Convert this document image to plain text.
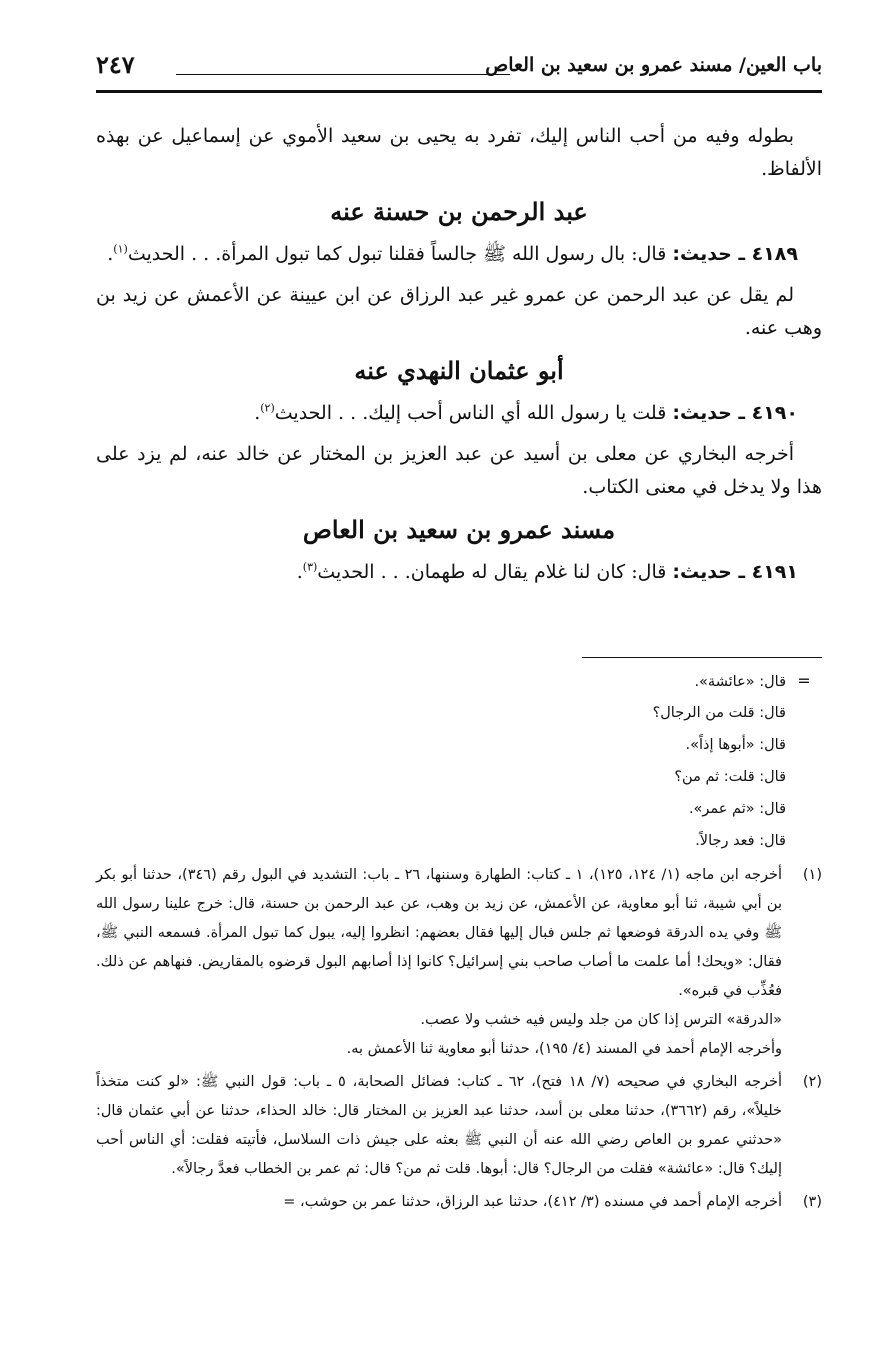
باب العين/ مسند عمرو بن سعيد بن العاص
٢٤٧

بطوله وفيه من أحب الناس إليك، تفرد به يحيى بن سعيد الأموي عن إسماعيل عن بهذه الألفاظ.

عبد الرحمن بن حسنة عنه

٤١٨٩ ـ حديث: قال: بال رسول الله ﷺ جالساً فقلنا تبول كما تبول المرأة. . . الحديث$^{(١)}$.

لم يقل عن عبد الرحمن عن عمرو غير عبد الرزاق عن ابن عيينة عن الأعمش عن زيد بن وهب عنه.

أبو عثمان النهدي عنه

٤١٩٠ ـ حديث: قلت يا رسول الله أي الناس أحب إليك. . . الحديث$^{(٢)}$.

أخرجه البخاري عن معلى بن أسيد عن عبد العزيز بن المختار عن خالد عنه، لم يزد على هذا ولا يدخل في معنى الكتاب.

مسند عمرو بن سعيد بن العاص

٤١٩١ ـ حديث: قال: كان لنا غلام يقال له طهمان. . . الحديث$^{(٣)}$.

=
قال: «عائشة».
قال: قلت من الرجال؟
قال: «أبوها إذاً».
قال: قلت: ثم من؟
قال: «ثم عمر».
قال: فعد رجالاً.
(١)

أخرجه ابن ماجه (١/ ١٢٤، ١٢٥)، ١ ـ كتاب: الطهارة وسننها، ٢٦ ـ باب: التشديد في البول رقم (٣٤٦)، حدثنا أبو بكر بن أبي شيبة، ثنا أبو معاوية، عن الأعمش، عن زيد بن وهب، عن عبد الرحمن بن حسنة، قال: خرج علينا رسول الله ﷺ وفي يده الدرقة فوضعها ثم جلس فبال إليها فقال بعضهم: انظروا إليه، يبول كما تبول المرأة. فسمعه النبي ﷺ، فقال: «ويحك! أما علمت ما أصاب صاحب بني إسرائيل؟ كانوا إذا أصابهم البول قرضوه بالمقاريض. فنهاهم عن ذلك. فعُذِّب في قبره».

«الدرقة» الترس إذا كان من جلد وليس فيه خشب ولا عصب.

وأخرجه الإمام أحمد في المسند (٤/ ١٩٥)، حدثنا أبو معاوية ثنا الأعمش به.

(٢)

أخرجه البخاري في صحيحه (٧/ ١٨ فتح)، ٦٢ ـ كتاب: فضائل الصحابة، ٥ ـ باب: قول النبي ﷺ: «لو كنت متخذاً خليلاً»، رقم (٣٦٦٢)، حدثنا معلى بن أسد، حدثنا عبد العزيز بن المختار قال: خالد الحذاء، حدثنا عن أبي عثمان قال: «حدثني عمرو بن العاص رضي الله عنه أن النبي ﷺ بعثه على جيش ذات السلاسل، فأتيته فقلت: أي الناس أحب إليك؟ قال: «عائشة» فقلت من الرجال؟ قال: أبوها. قلت ثم من؟ قال: ثم عمر بن الخطاب فعدَّ رجالاً».

(٣)

أخرجه الإمام أحمد في مسنده (٣/ ٤١٢)، حدثنا عبد الرزاق، حدثنا عمر بن حوشب، =
